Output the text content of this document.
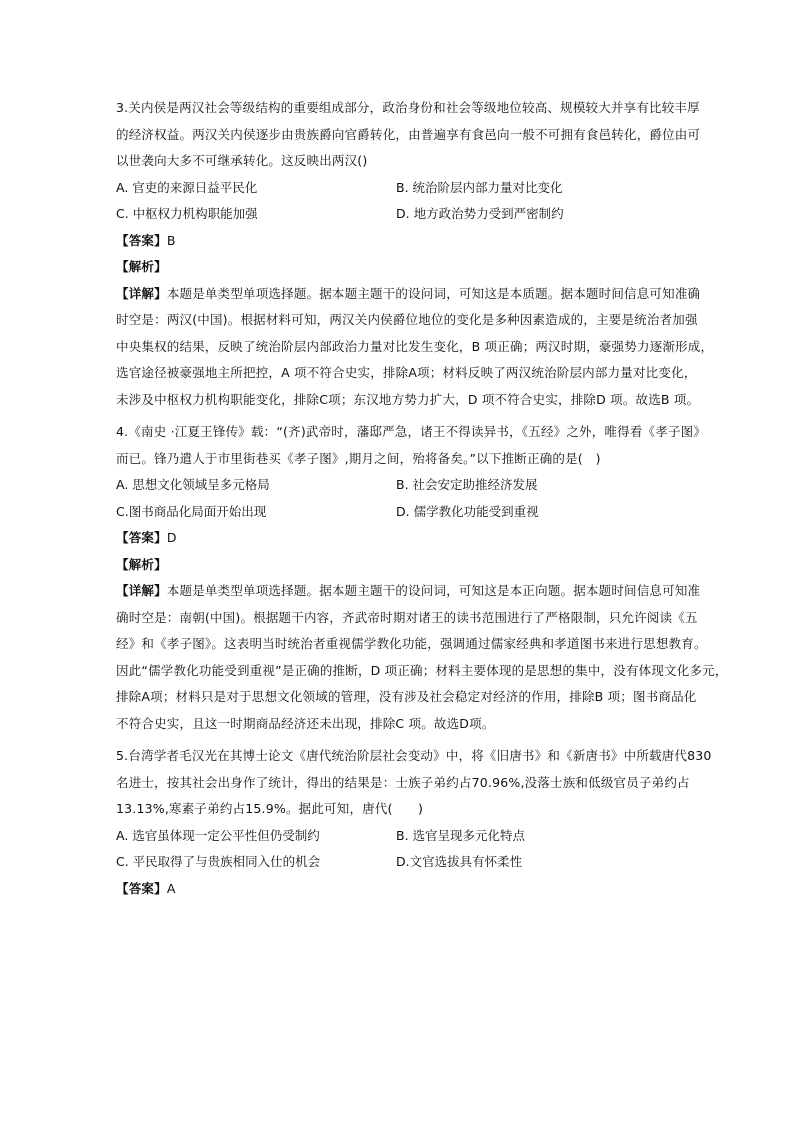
3.关内侯是两汉社会等级结构的重要组成部分，政治身份和社会等级地位较高、规模较大并享有比较丰厚
的经济权益。两汉关内侯逐步由贵族爵向官爵转化，由普遍享有食邑向一般不可拥有食邑转化，爵位由可
以世袭向大多不可继承转化。这反映出两汉()
A. 官吏的来源日益平民化	B. 统治阶层内部力量对比变化
C. 中枢权力机构职能加强	D. 地方政治势力受到严密制约
【答案】B
【解析】
【详解】本题是单类型单项选择题。据本题主题干的设问词，可知这是本质题。据本题时间信息可知准确
时空是：两汉(中国)。根据材料可知，两汉关内侯爵位地位的变化是多种因素造成的，主要是统治者加强
中央集权的结果，反映了统治阶层内部政治力量对比发生变化，B 项正确；两汉时期，豪强势力逐渐形成，
选官途径被豪强地主所把控，A 项不符合史实，排除A项；材料反映了两汉统治阶层内部力量对比变化，
未涉及中枢权力机构职能变化，排除C项；东汉地方势力扩大，D 项不符合史实，排除D 项。故选B 项。
4.《南史 ·江夏王锋传》载：“(齐)武帝时，藩邸严急，诸王不得读异书，《五经》之外，唯得看《孝子图》
而已。锋乃遣人于市里街巷买《孝子图》,期月之间，殆将备矣。”以下推断正确的是(　)
A. 思想文化领域呈多元格局	B. 社会安定助推经济发展
C.图书商品化局面开始出现	D. 儒学教化功能受到重视
【答案】D
【解析】
【详解】本题是单类型单项选择题。据本题主题干的设问词，可知这是本正向题。据本题时间信息可知准
确时空是：南朝(中国)。根据题干内容，齐武帝时期对诸王的读书范围进行了严格限制，只允许阅读《五
经》和《孝子图》。这表明当时统治者重视儒学教化功能，强调通过儒家经典和孝道图书来进行思想教育。
因此“儒学教化功能受到重视”是正确的推断，D 项正确；材料主要体现的是思想的集中，没有体现文化多元，
排除A项；材料只是对于思想文化领域的管理，没有涉及社会稳定对经济的作用，排除B 项；图书商品化
不符合史实，且这一时期商品经济还未出现，排除C 项。故选D项。
5.台湾学者毛汉光在其博士论文《唐代统治阶层社会变动》中，将《旧唐书》和《新唐书》中所载唐代830
名进士，按其社会出身作了统计，得出的结果是：士族子弟约占70.96%,没落士族和低级官员子弟约占
13.13%,寒素子弟约占15.9%。据此可知，唐代(　　)
A. 选官虽体现一定公平性但仍受制约	B. 选官呈现多元化特点
C. 平民取得了与贵族相同入仕的机会	D.文官选拔具有怀柔性
【答案】A
